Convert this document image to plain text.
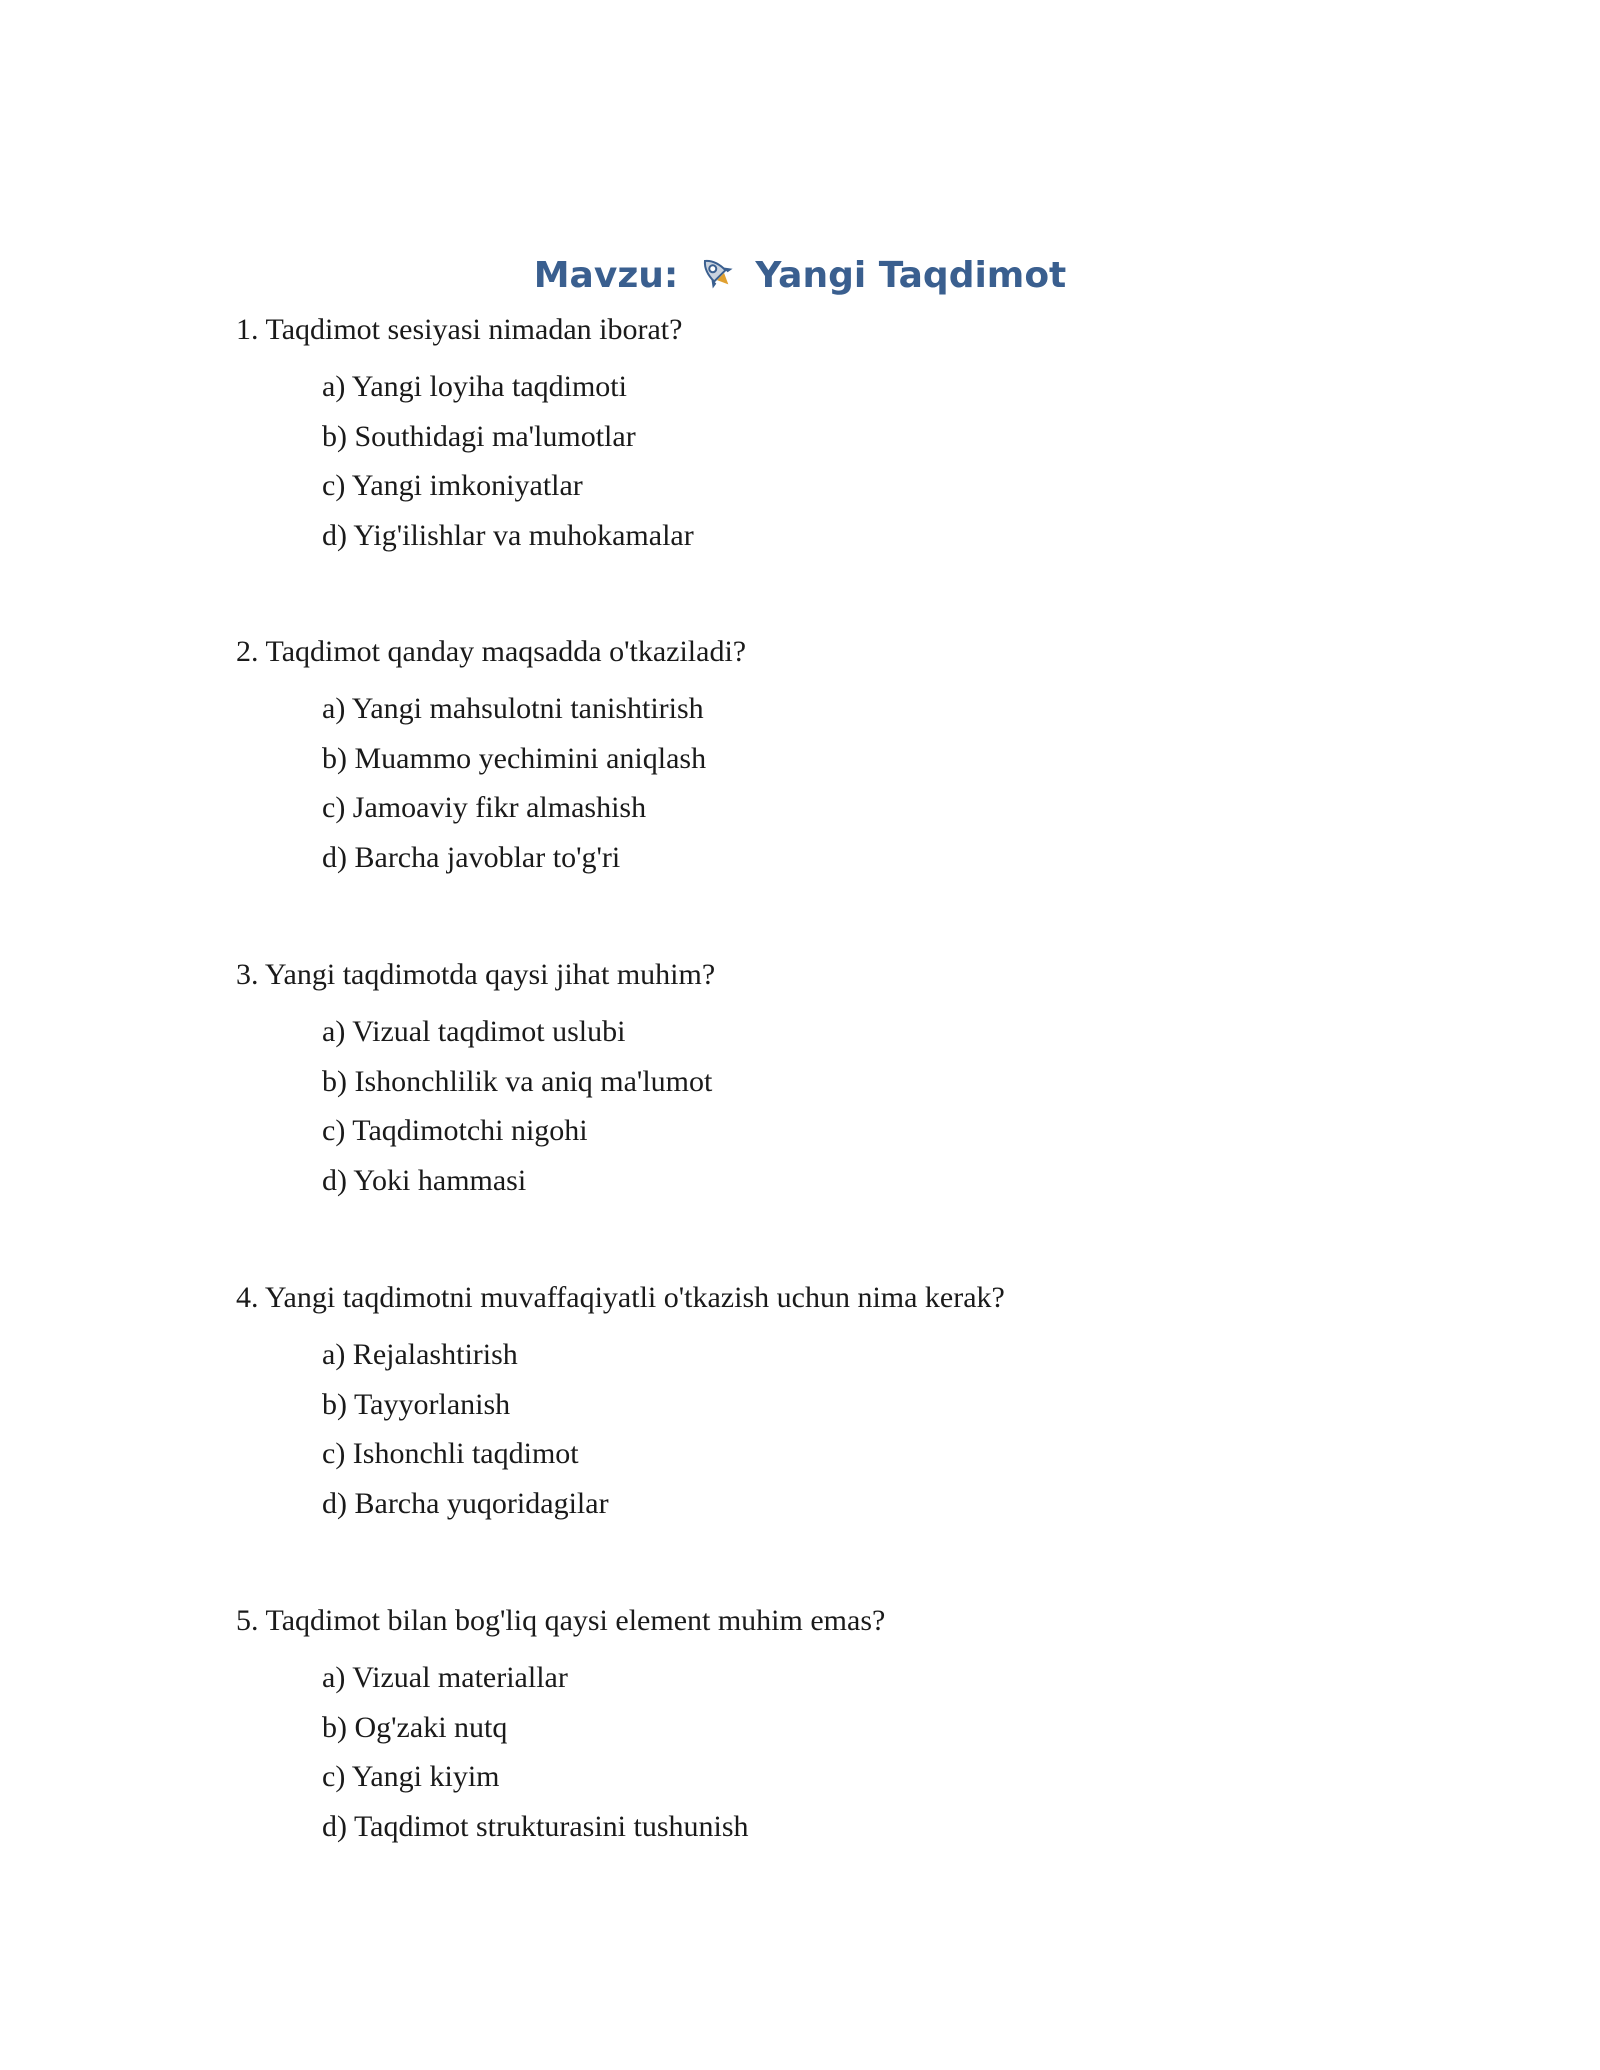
Mavzu: Yangi Taqdimot
1. Taqdimot sesiyasi nimadan iborat?
a) Yangi loyiha taqdimoti
b) Southidagi ma'lumotlar
c) Yangi imkoniyatlar
d) Yig'ilishlar va muhokamalar
2. Taqdimot qanday maqsadda o'tkaziladi?
a) Yangi mahsulotni tanishtirish
b) Muammo yechimini aniqlash
c) Jamoaviy fikr almashish
d) Barcha javoblar to'g'ri
3. Yangi taqdimotda qaysi jihat muhim?
a) Vizual taqdimot uslubi
b) Ishonchlilik va aniq ma'lumot
c) Taqdimotchi nigohi
d) Yoki hammasi
4. Yangi taqdimotni muvaffaqiyatli o'tkazish uchun nima kerak?
a) Rejalashtirish
b) Tayyorlanish
c) Ishonchli taqdimot
d) Barcha yuqoridagilar
5. Taqdimot bilan bog'liq qaysi element muhim emas?
a) Vizual materiallar
b) Og'zaki nutq
c) Yangi kiyim
d) Taqdimot strukturasini tushunish
